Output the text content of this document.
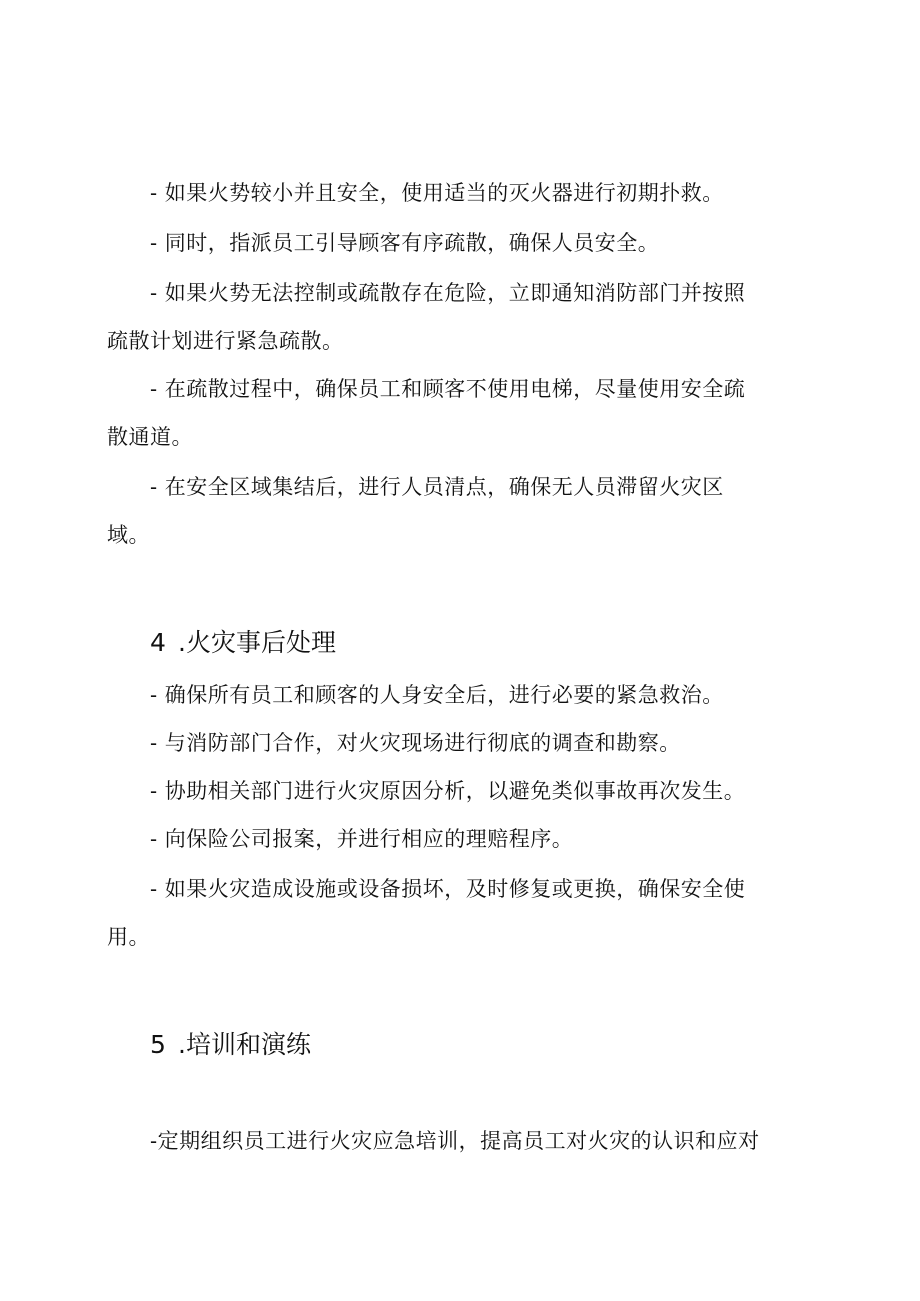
- 如果火势较小并且安全，使用适当的灭火器进行初期扑救。
- 同时，指派员工引导顾客有序疏散，确保人员安全。
- 如果火势无法控制或疏散存在危险，立即通知消防部门并按照
疏散计划进行紧急疏散。
- 在疏散过程中，确保员工和顾客不使用电梯，尽量使用安全疏
散通道。
- 在安全区域集结后，进行人员清点，确保无人员滞留火灾区
域。
4 .火灾事后处理
- 确保所有员工和顾客的人身安全后，进行必要的紧急救治。
- 与消防部门合作，对火灾现场进行彻底的调查和勘察。
- 协助相关部门进行火灾原因分析，以避免类似事故再次发生。
- 向保险公司报案，并进行相应的理赔程序。
- 如果火灾造成设施或设备损坏，及时修复或更换，确保安全使
用。
5 .培训和演练
-定期组织员工进行火灾应急培训，提高员工对火灾的认识和应对
